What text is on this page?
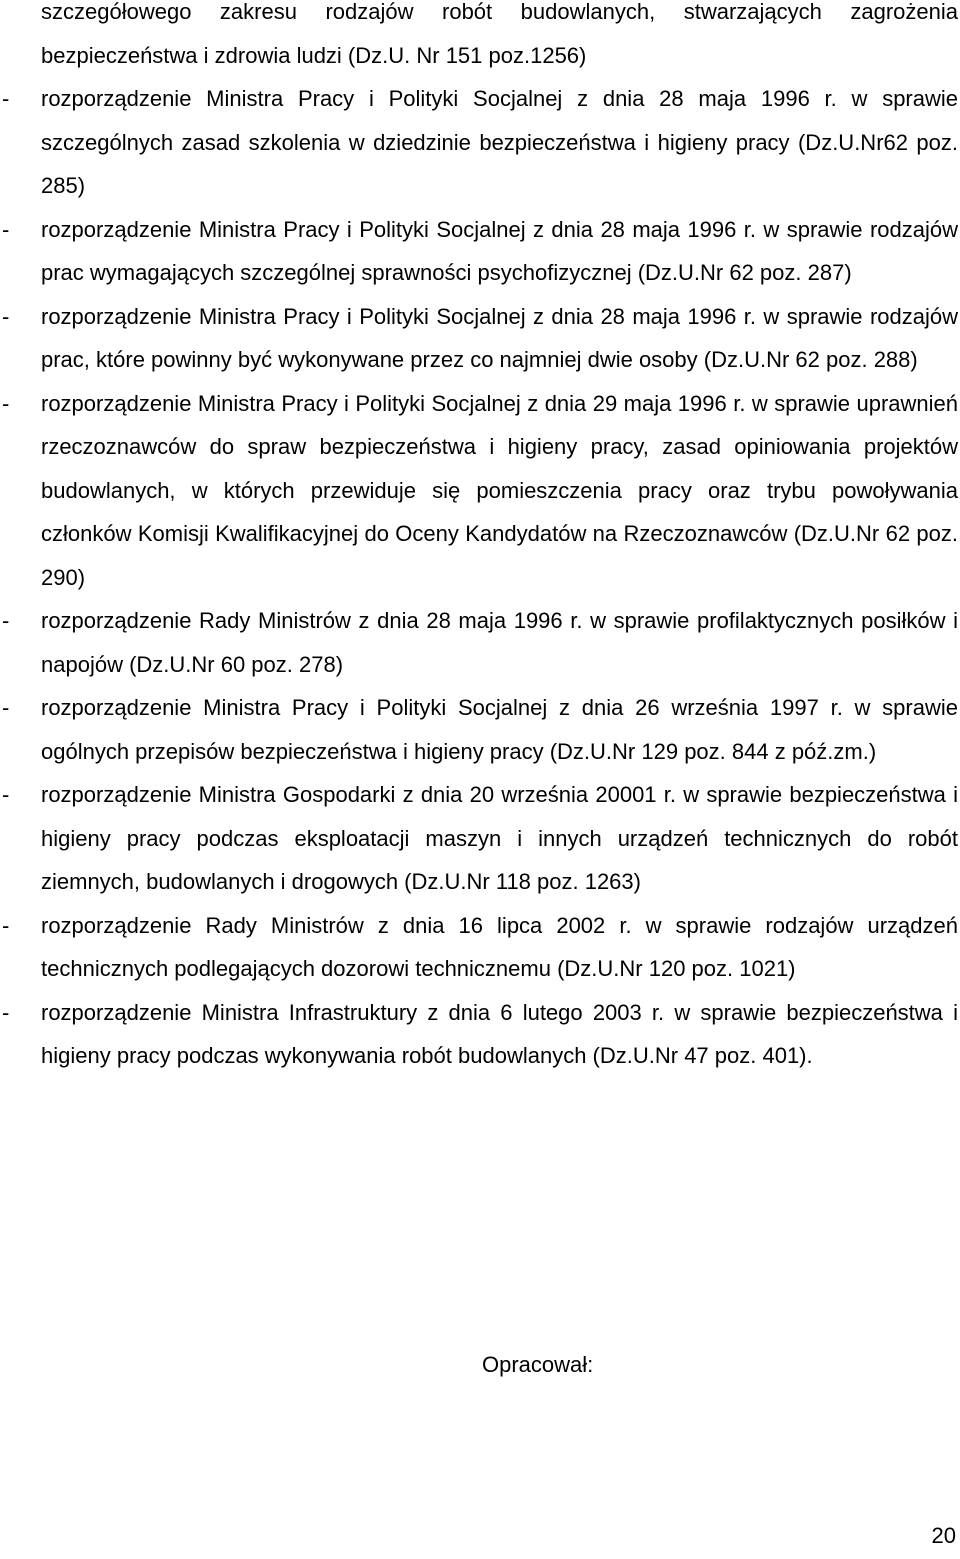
szczegółowego zakresu rodzajów robót budowlanych, stwarzających zagrożenia bezpieczeństwa i zdrowia ludzi (Dz.U. Nr 151 poz.1256)

- rozporządzenie Ministra Pracy i Polityki Socjalnej z dnia 28 maja 1996 r. w sprawie szczególnych zasad szkolenia w dziedzinie bezpieczeństwa i higieny pracy (Dz.U.Nr62 poz. 285)
- rozporządzenie Ministra Pracy i Polityki Socjalnej z dnia 28 maja 1996 r. w sprawie rodzajów prac wymagających szczególnej sprawności psychofizycznej (Dz.U.Nr 62 poz. 287)
- rozporządzenie Ministra Pracy i Polityki Socjalnej z dnia 28 maja 1996 r. w sprawie rodzajów prac, które powinny być wykonywane przez co najmniej dwie osoby (Dz.U.Nr 62 poz. 288)
- rozporządzenie Ministra Pracy i Polityki Socjalnej z dnia 29 maja 1996 r. w sprawie uprawnień rzeczoznawców do spraw bezpieczeństwa i higieny pracy, zasad opiniowania projektów budowlanych, w których przewiduje się pomieszczenia pracy oraz trybu powoływania członków Komisji Kwalifikacyjnej do Oceny Kandydatów na Rzeczoznawców (Dz.U.Nr 62 poz. 290)
- rozporządzenie Rady Ministrów z dnia 28 maja 1996 r. w sprawie profilaktycznych posiłków i napojów (Dz.U.Nr 60 poz. 278)
- rozporządzenie Ministra Pracy i Polityki Socjalnej z dnia 26 września 1997 r. w sprawie ogólnych przepisów bezpieczeństwa i higieny pracy (Dz.U.Nr 129 poz. 844 z póź.zm.)
- rozporządzenie Ministra Gospodarki z dnia 20 września 20001 r. w sprawie bezpieczeństwa i higieny pracy podczas eksploatacji maszyn i innych urządzeń technicznych do robót ziemnych, budowlanych i drogowych (Dz.U.Nr 118 poz. 1263)
- rozporządzenie Rady Ministrów z dnia 16 lipca 2002 r. w sprawie rodzajów urządzeń technicznych podlegających dozorowi technicznemu (Dz.U.Nr 120 poz. 1021)
- rozporządzenie Ministra Infrastruktury z dnia 6 lutego 2003 r. w sprawie bezpieczeństwa i higieny pracy podczas wykonywania robót budowlanych (Dz.U.Nr 47 poz. 401).
Opracował:
20
